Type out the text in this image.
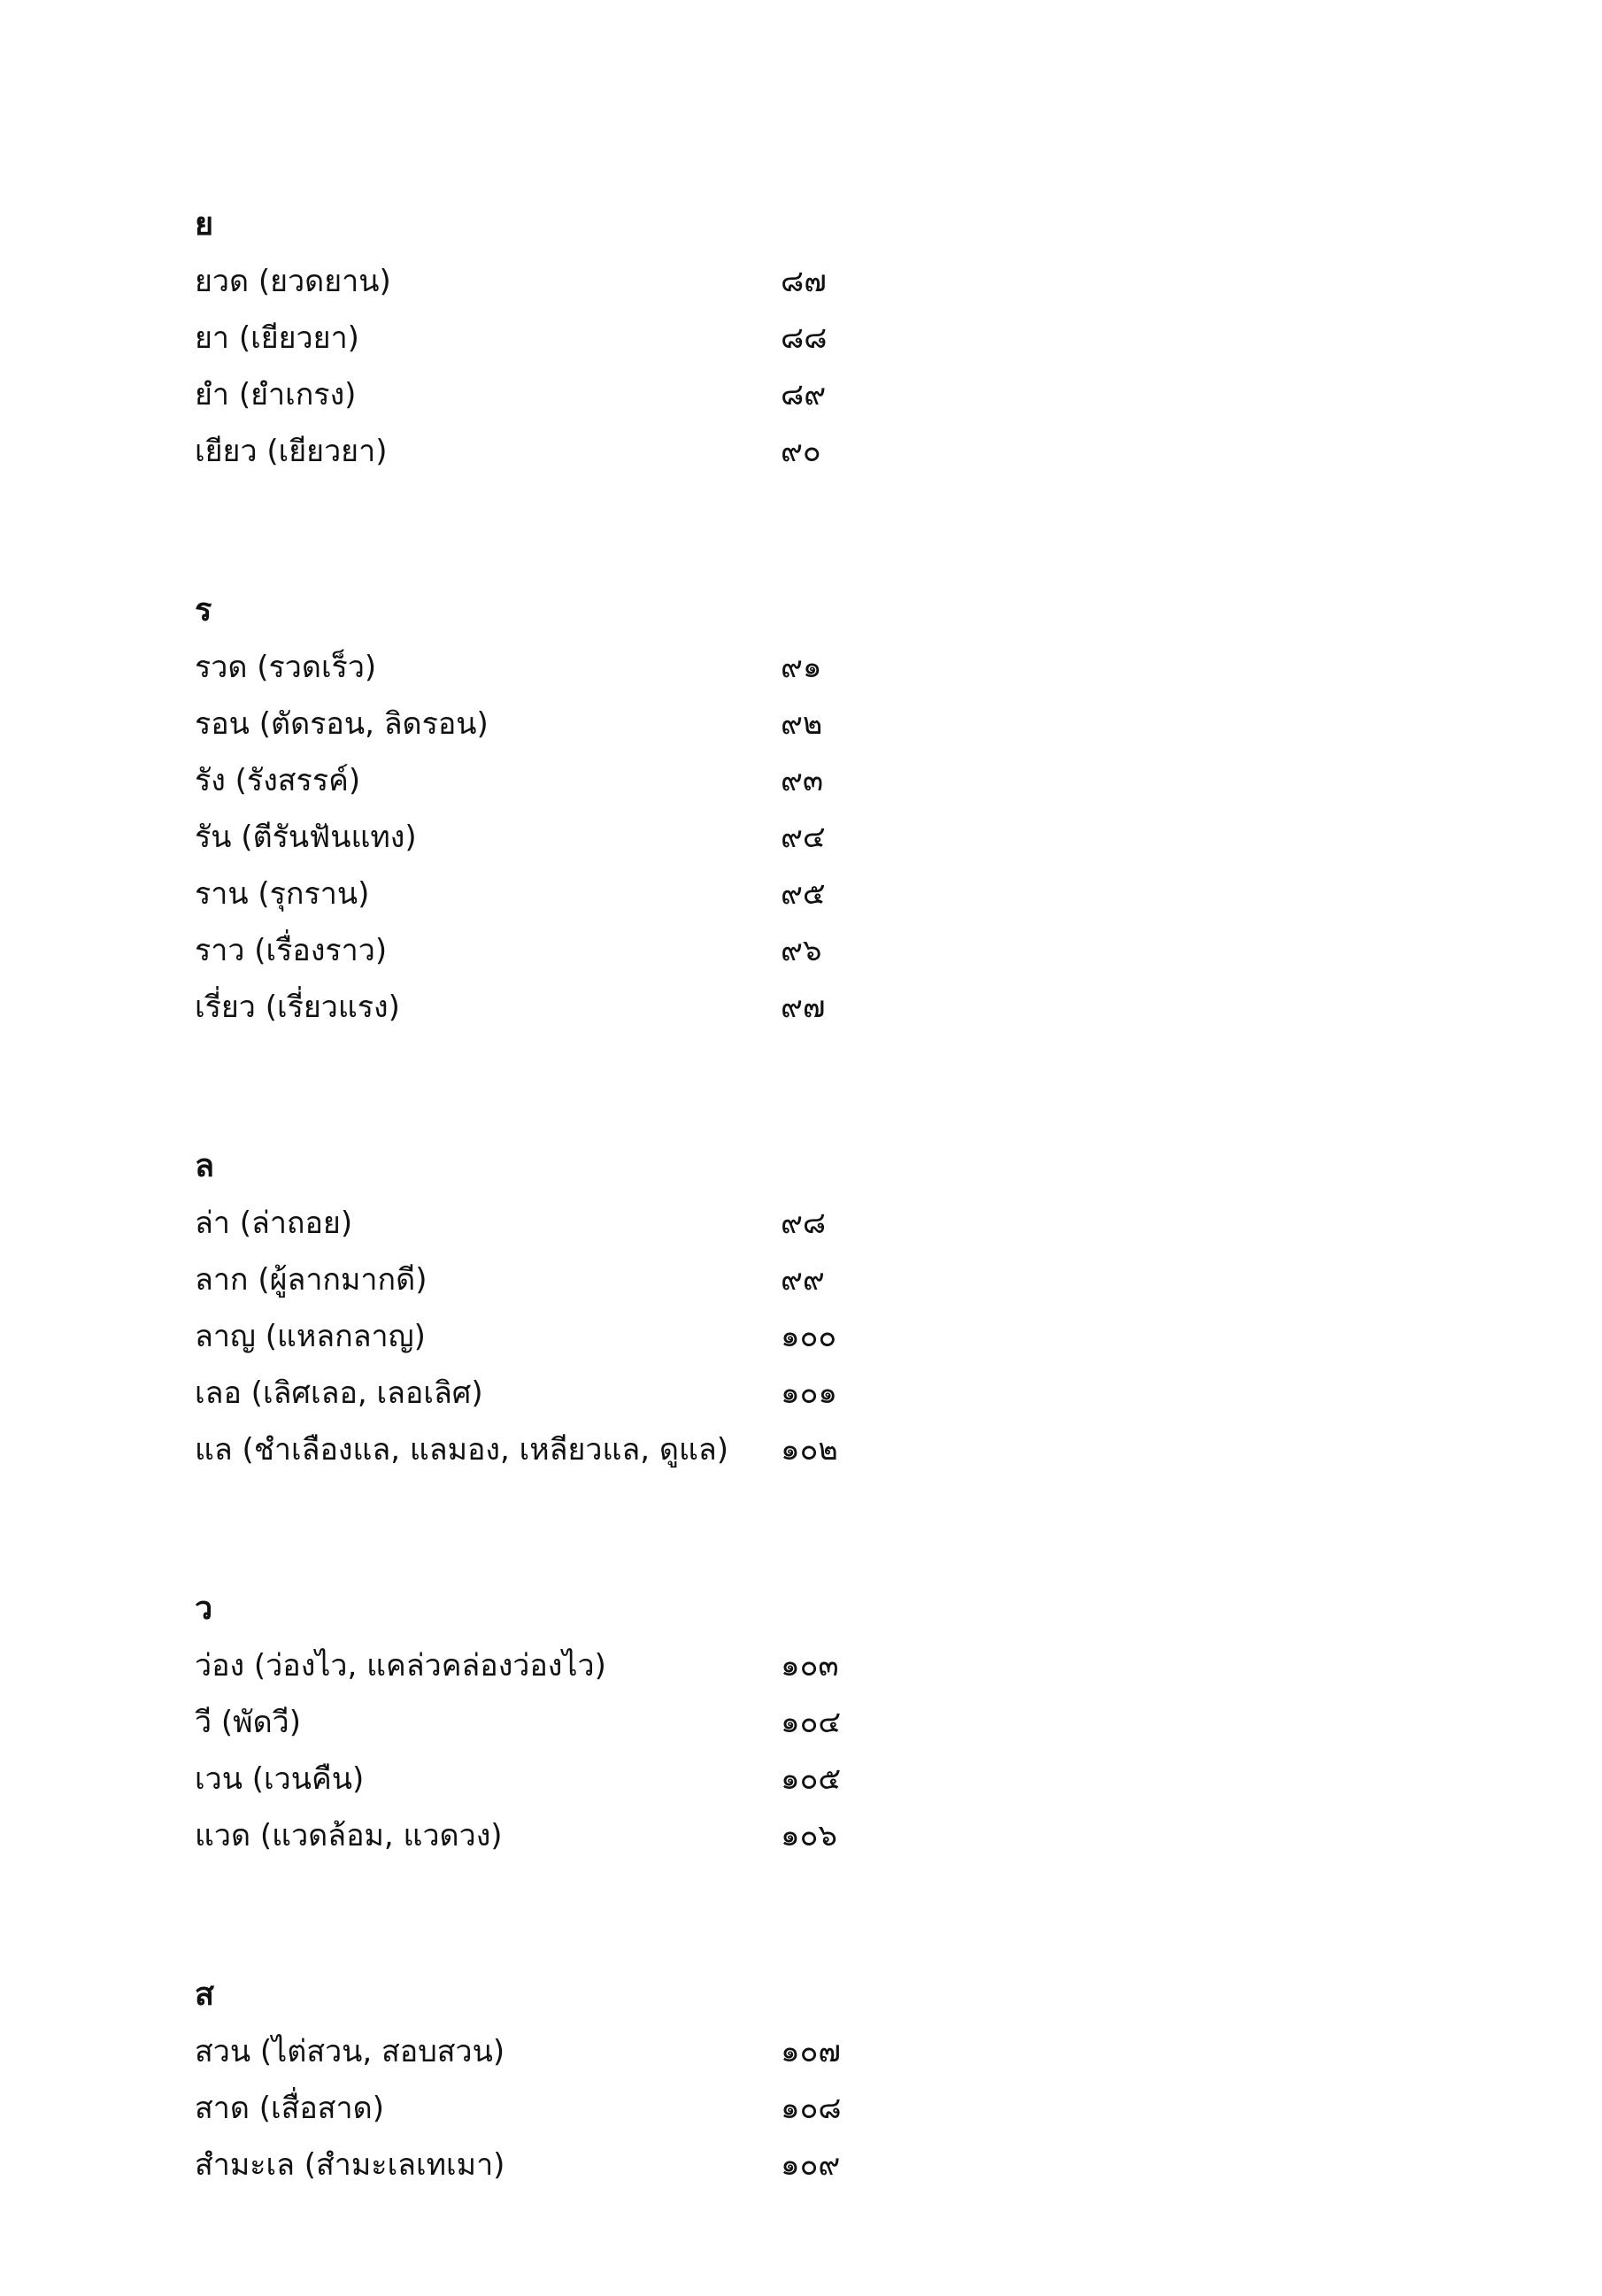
ย
ยวด (ยวดยาน)	๘๗
ยา (เยียวยา)	๘๘
ยำ (ยำเกรง)	๘๙
เยียว (เยียวยา)	๙๐
ร
รวด (รวดเร็ว)	๙๑
รอน (ตัดรอน, ลิดรอน)	๙๒
รัง (รังสรรค์)	๙๓
รัน (ตีรันฟันแทง)	๙๔
ราน (รุกราน)	๙๕
ราว (เรื่องราว)	๙๖
เรี่ยว (เรี่ยวแรง)	๙๗
ล
ล่า (ล่าถอย)	๙๘
ลาก (ผู้ลากมากดี)	๙๙
ลาญ (แหลกลาญ)	๑๐๐
เลอ (เลิศเลอ, เลอเลิศ)	๑๐๑
แล (ชำเลืองแล, แลมอง, เหลียวแล, ดูแล) ๑๐๒
ว
ว่อง (ว่องไว, แคล่วคล่องว่องไว)	๑๐๓
วี (พัดวี)	๑๐๔
เวน (เวนคืน)	๑๐๕
แวด (แวดล้อม, แวดวง)	๑๐๖
ส
สวน (ไต่สวน, สอบสวน)	๑๐๗
สาด (เสื่อสาด)	๑๐๘
สำมะเล (สำมะเลเทเมา)	๑๐๙
